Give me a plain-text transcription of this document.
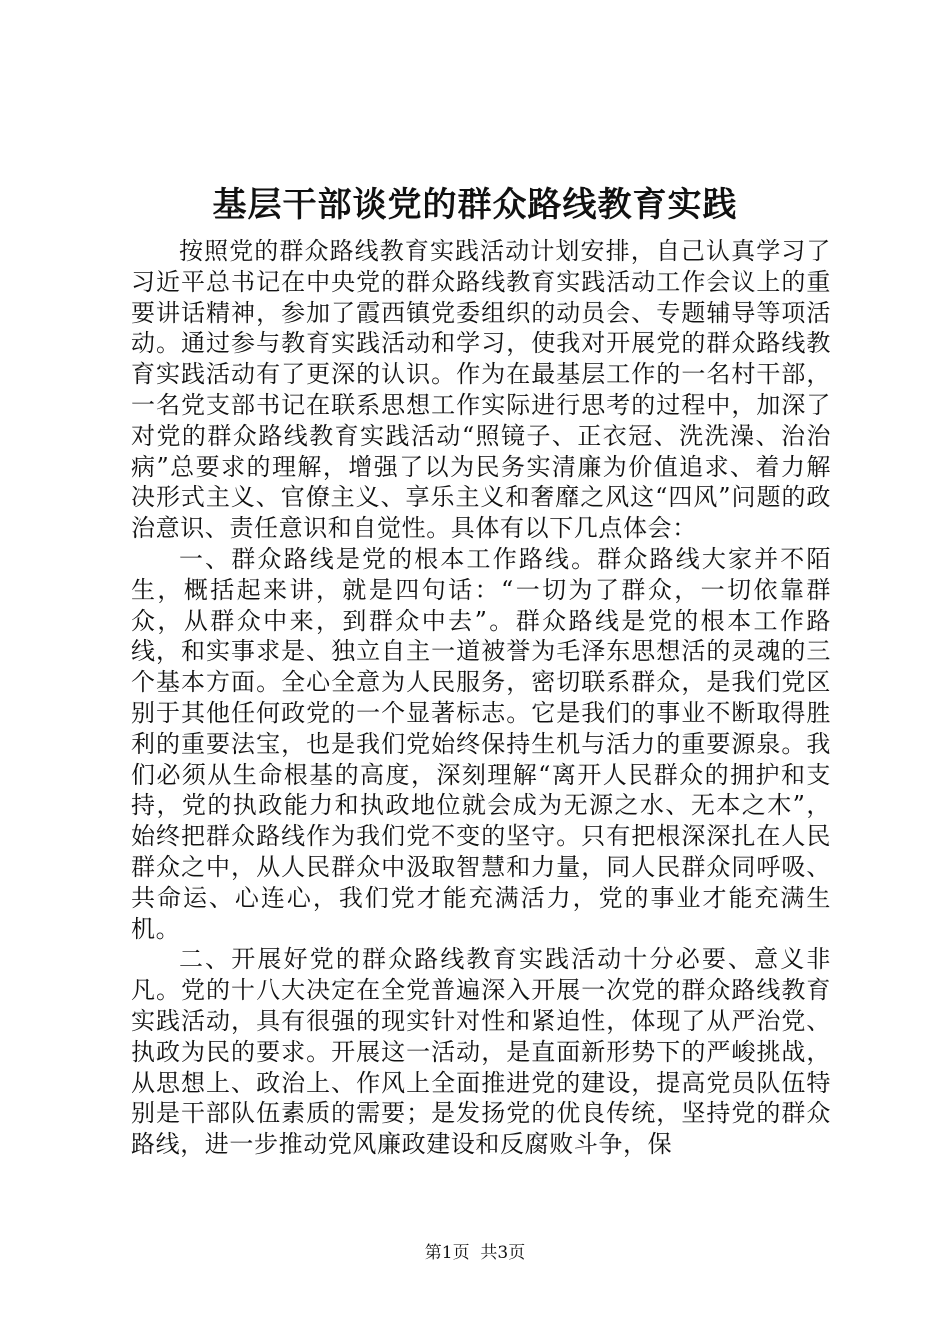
基层干部谈党的群众路线教育实践

按照党的群众路线教育实践活动计划安排，自己认真学习了习近平总书记在中央党的群众路线教育实践活动工作会议上的重要讲话精神，参加了霞西镇党委组织的动员会、专题辅导等项活动。通过参与教育实践活动和学习，使我对开展党的群众路线教育实践活动有了更深的认识。作为在最基层工作的一名村干部，一名党支部书记在联系思想工作实际进行思考的过程中，加深了对党的群众路线教育实践活动“照镜子、正衣冠、洗洗澡、治治病”总要求的理解，增强了以为民务实清廉为价值追求、着力解决形式主义、官僚主义、享乐主义和奢靡之风这“四风”问题的政治意识、责任意识和自觉性。具体有以下几点体会：

一、群众路线是党的根本工作路线。群众路线大家并不陌生，概括起来讲，就是四句话：“一切为了群众，一切依靠群众，从群众中来，到群众中去”。群众路线是党的根本工作路线，和实事求是、独立自主一道被誉为毛泽东思想活的灵魂的三个基本方面。全心全意为人民服务，密切联系群众，是我们党区别于其他任何政党的一个显著标志。它是我们的事业不断取得胜利的重要法宝，也是我们党始终保持生机与活力的重要源泉。我们必须从生命根基的高度，深刻理解“离开人民群众的拥护和支持，党的执政能力和执政地位就会成为无源之水、无本之木”，始终把群众路线作为我们党不变的坚守。只有把根深深扎在人民群众之中，从人民群众中汲取智慧和力量，同人民群众同呼吸、共命运、心连心，我们党才能充满活力，党的事业才能充满生机。

二、开展好党的群众路线教育实践活动十分必要、意义非凡。党的十八大决定在全党普遍深入开展一次党的群众路线教育实践活动，具有很强的现实针对性和紧迫性，体现了从严治党、执政为民的要求。开展这一活动，是直面新形势下的严峻挑战，从思想上、政治上、作风上全面推进党的建设，提高党员队伍特别是干部队伍素质的需要；是发扬党的优良传统，坚持党的群众路线，进一步推动党风廉政建设和反腐败斗争，保

第1页 共3页
